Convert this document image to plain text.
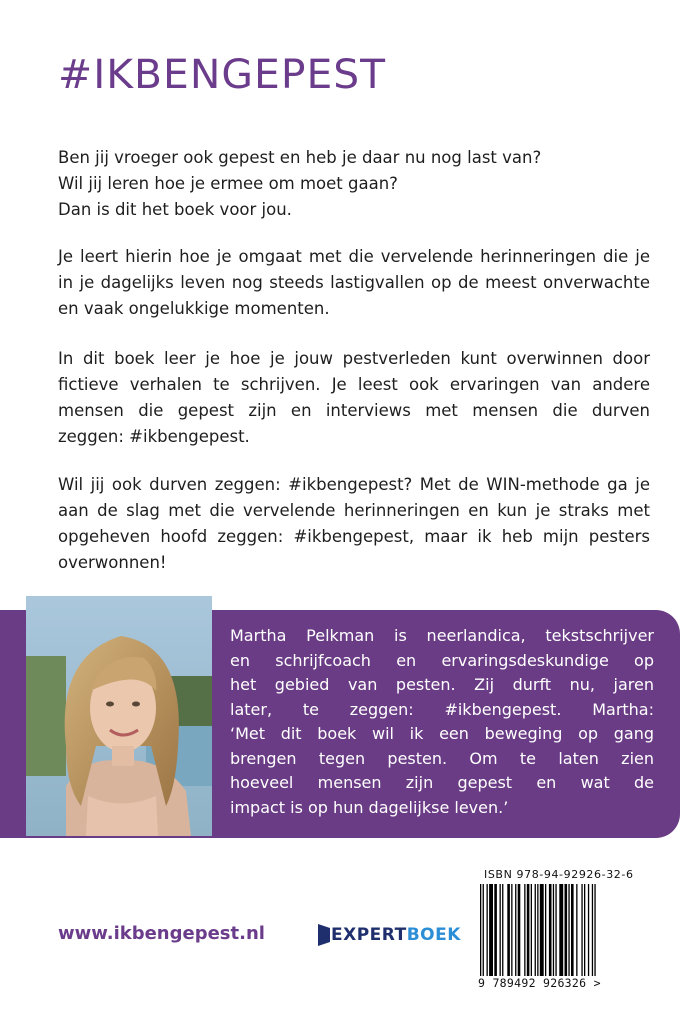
#IKBENGEPEST

Ben jij vroeger ook gepest en heb je daar nu nog last van?
Wil jij leren hoe je ermee om moet gaan?
Dan is dit het boek voor jou.

Je leert hierin hoe je omgaat met die vervelende herinneringen die je
in je dagelijks leven nog steeds lastigvallen op de meest onverwachte
en vaak ongelukkige momenten.

In dit boek leer je hoe je jouw pestverleden kunt overwinnen door
fictieve verhalen te schrijven. Je leest ook ervaringen van andere
mensen die gepest zijn en interviews met mensen die durven
zeggen: #ikbengepest.

Wil jij ook durven zeggen: #ikbengepest? Met de WIN-methode ga je
aan de slag met die vervelende herinneringen en kun je straks met
opgeheven hoofd zeggen: #ikbengepest, maar ik heb mijn pesters
overwonnen!

Martha Pelkman is neerlandica, tekstschrijver
en schrijfcoach en ervaringsdeskundige op
het gebied van pesten. Zij durft nu, jaren
later, te zeggen: #ikbengepest. Martha:
‘Met dit boek wil ik een beweging op gang
brengen tegen pesten. Om te laten zien
hoeveel mensen zijn gepest en wat de
impact is op hun dagelijkse leven.’

www.ikbengepest.nl	EXPERT BOEK
ISBN 978-94-92926-32-6
9 789492 926326 >
